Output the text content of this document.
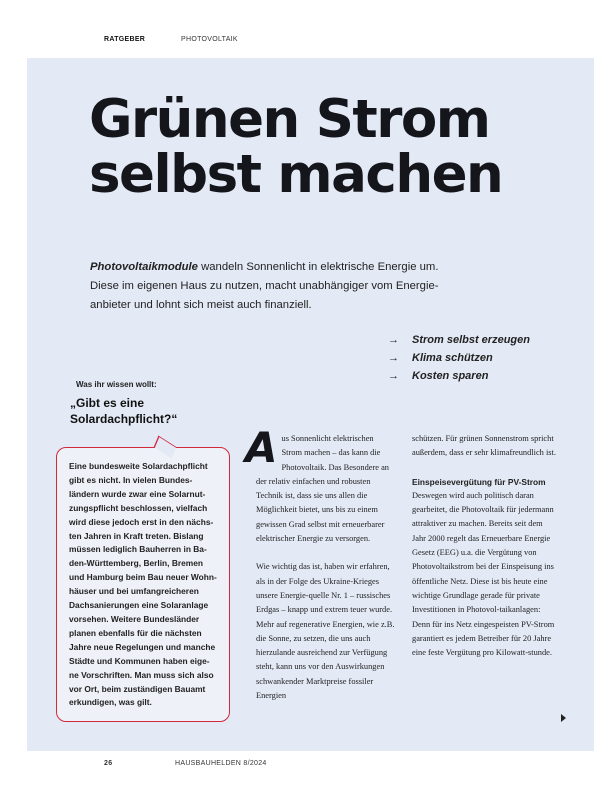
RATGEBER	PHOTOVOLTAIK
Grünen Strom
selbst machen

Photovoltaikmodule wandeln Sonnenlicht in elektrische Energie um. Diese im eigenen Haus zu nutzen, macht unabhängiger vom Energie-anbieter und lohnt sich meist auch finanziell.

→ Strom selbst erzeugen
→ Klima schützen
→ Kosten sparen
Was ihr wissen wollt:
„Gibt es eine Solardachpflicht?“

Eine bundesweite Solardachpflicht gibt es nicht. In vielen Bundes-ländern wurde zwar eine Solarnut-zungspflicht beschlossen, vielfach wird diese jedoch erst in den nächs-ten Jahren in Kraft treten. Bislang müssen lediglich Bauherren in Ba-den-Württemberg, Berlin, Bremen und Hamburg beim Bau neuer Wohn-häuser und bei umfangreicheren Dachsanierungen eine Solaranlage vorsehen. Weitere Bundesländer planen ebenfalls für die nächsten Jahre neue Regelungen und manche Städte und Kommunen haben eige-ne Vorschriften. Man muss sich also vor Ort, beim zuständigen Bauamt erkundigen, was gilt.

Aus Sonnenlicht elektrischen Strom machen – das kann die Photovoltaik. Das Besondere an der relativ einfachen und robusten Technik ist, dass sie uns allen die Möglichkeit bietet, uns bis zu einem gewissen Grad selbst mit erneuerbarer elektrischer Energie zu versorgen.

Wie wichtig das ist, haben wir erfahren, als in der Folge des Ukraine-Krieges unsere Energie-quelle Nr. 1 – russisches Erdgas – knapp und extrem teuer wurde. Mehr auf regenerative Energien, wie z.B. die Sonne, zu setzen, die uns auch hierzulande ausreichend zur Verfügung steht, kann uns vor den Auswirkungen schwankender Marktpreise fossiler Energien

schützen. Für grünen Sonnenstrom spricht außerdem, dass er sehr klimafreundlich ist.

Einspeisevergütung für PV-Strom

Deswegen wird auch politisch daran gearbeitet, die Photovoltaik für jedermann attraktiver zu machen. Bereits seit dem Jahr 2000 regelt das Erneuerbare Energie Gesetz (EEG) u.a. die Vergütung von Photovoltaikstrom bei der Einspeisung ins öffentliche Netz. Diese ist bis heute eine wichtige Grundlage gerade für private Investitionen in Photovol-taikanlagen: Denn für ins Netz eingespeisten PV-Strom garantiert es jedem Betreiber für 20 Jahre eine feste Vergütung pro Kilowatt-stunde.

26	HAUSBAUHELDEN 8/2024
